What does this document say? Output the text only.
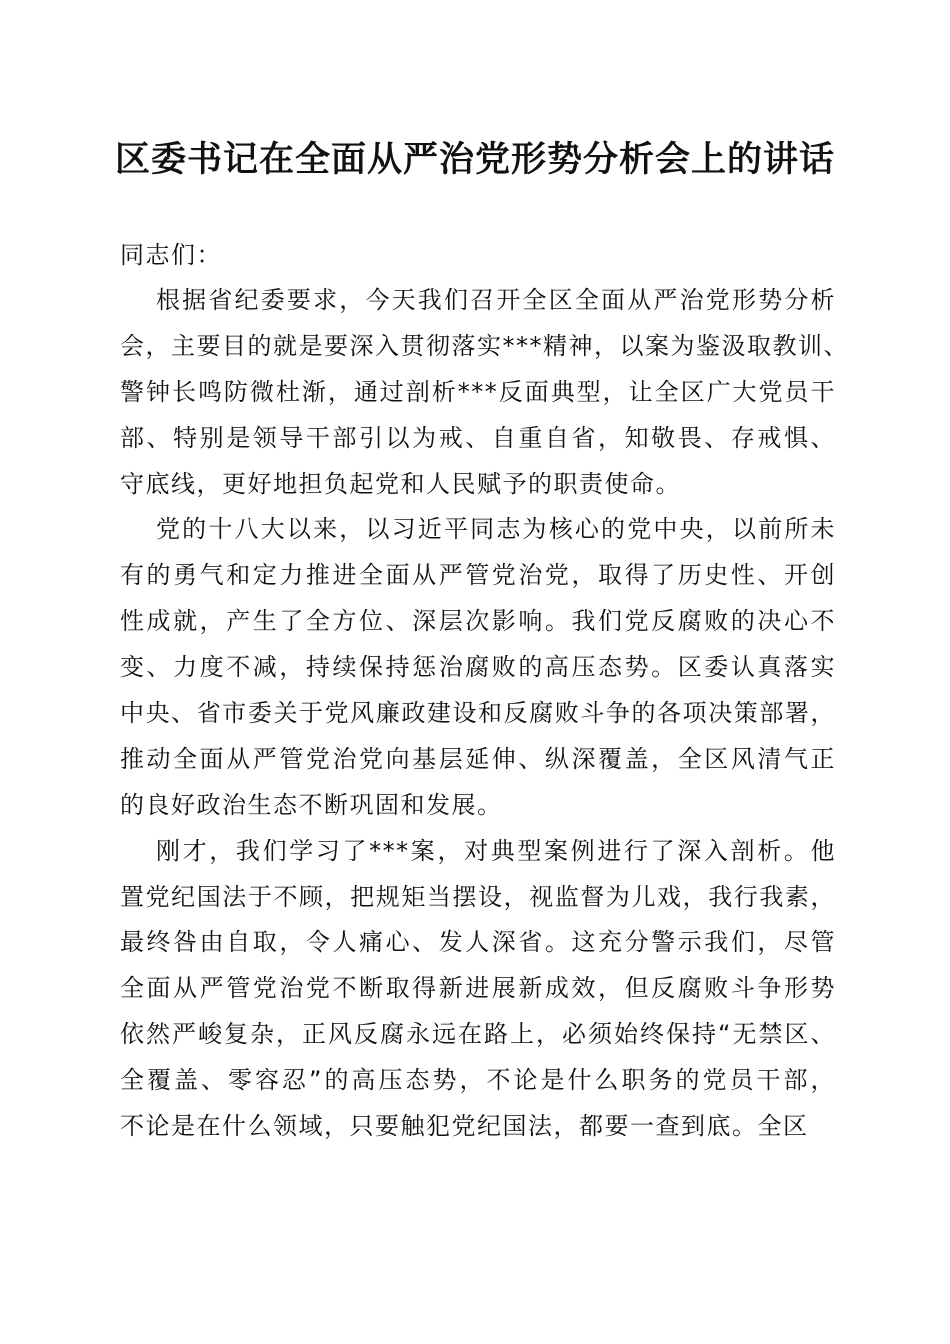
区委书记在全面从严治党形势分析会上的讲话

同志们：

根据省纪委要求，今天我们召开全区全面从严治党形势分析
会，主要目的就是要深入贯彻落实***精神，以案为鉴汲取教训、
警钟长鸣防微杜渐，通过剖析***反面典型，让全区广大党员干
部、特别是领导干部引以为戒、自重自省，知敬畏、存戒惧、
守底线，更好地担负起党和人民赋予的职责使命。

党的十八大以来，以习近平同志为核心的党中央，以前所未
有的勇气和定力推进全面从严管党治党，取得了历史性、开创
性成就，产生了全方位、深层次影响。我们党反腐败的决心不
变、力度不减，持续保持惩治腐败的高压态势。区委认真落实
中央、省市委关于党风廉政建设和反腐败斗争的各项决策部署，
推动全面从严管党治党向基层延伸、纵深覆盖，全区风清气正
的良好政治生态不断巩固和发展。

刚才，我们学习了***案，对典型案例进行了深入剖析。他
置党纪国法于不顾，把规矩当摆设，视监督为儿戏，我行我素，
最终咎由自取，令人痛心、发人深省。这充分警示我们，尽管
全面从严管党治党不断取得新进展新成效，但反腐败斗争形势
依然严峻复杂，正风反腐永远在路上，必须始终保持“无禁区、
全覆盖、零容忍”的高压态势，不论是什么职务的党员干部，
不论是在什么领域，只要触犯党纪国法，都要一查到底。全区
